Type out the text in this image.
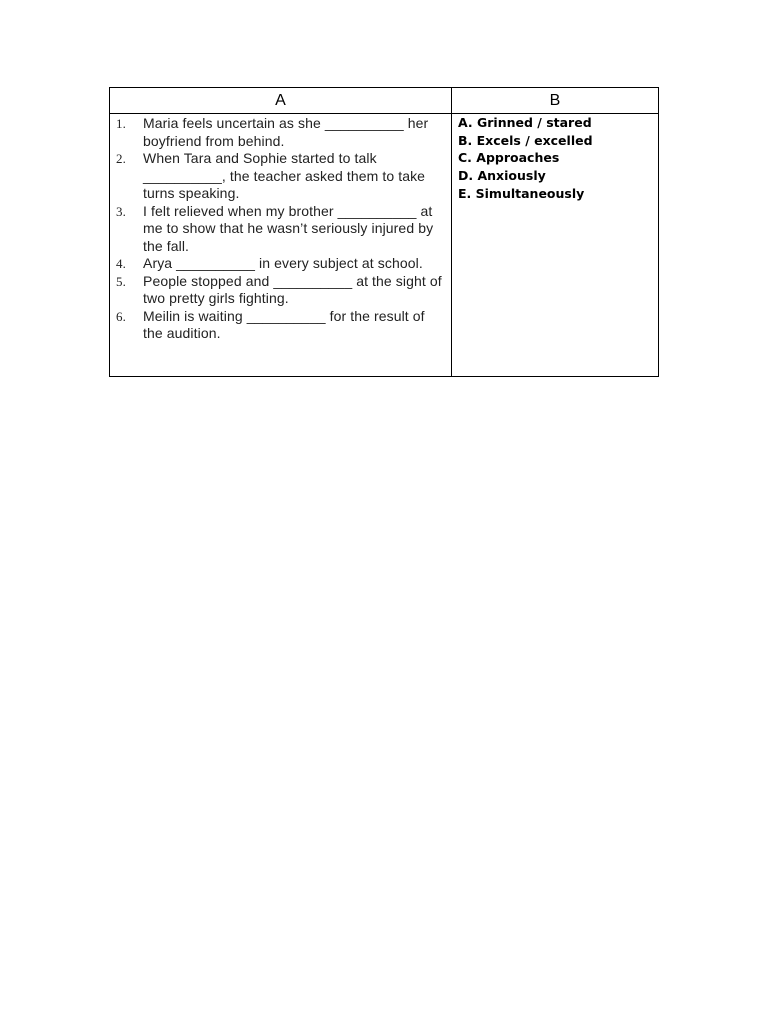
A	B
1. Maria feels uncertain as she __________ her boyfriend from behind.
2. When Tara and Sophie started to talk __________, the teacher asked them to take turns speaking.
3. I felt relieved when my brother __________ at me to show that he wasn’t seriously injured by the fall.
4. Arya __________ in every subject at school.
5. People stopped and __________ at the sight of two pretty girls fighting.
6. Meilin is waiting __________ for the result of the audition.
A. Grinned / stared
B. Excels / excelled
C. Approaches
D. Anxiously
E. Simultaneously
